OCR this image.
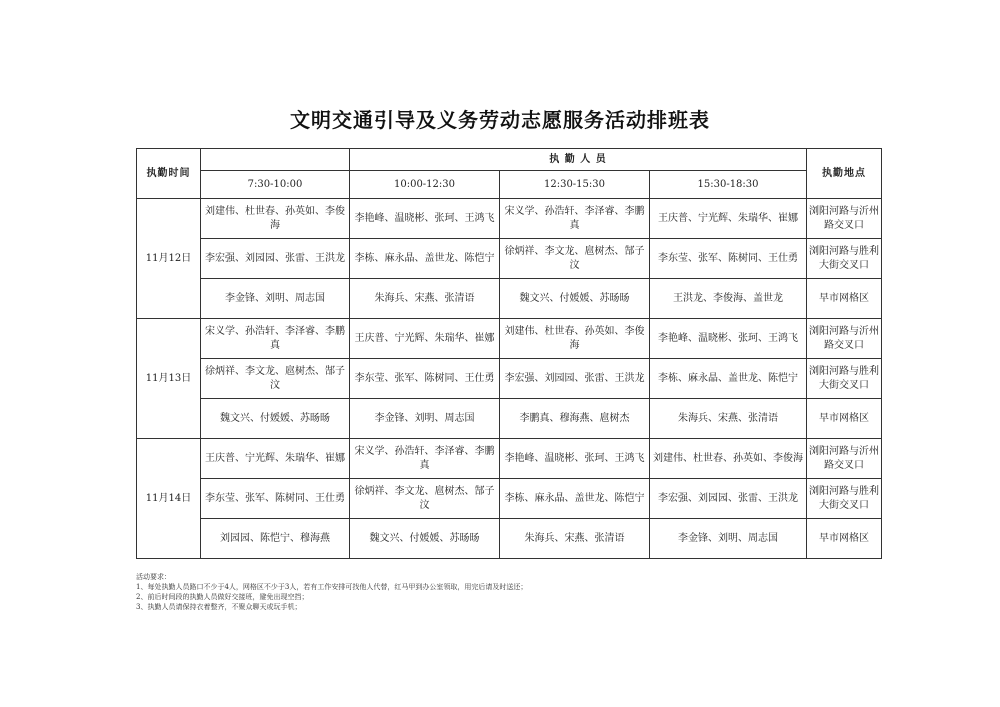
文明交通引导及义务劳动志愿服务活动排班表
执勤时间		执 勤 人 员			执勤地点
	7:30-10:00	10:00-12:30	12:30-15:30	15:30-18:30	
11月12日	刘建伟、杜世春、孙英如、李俊海	李艳峰、温晓彬、张珂、王鸿飞	宋义学、孙浩轩、李泽睿、李鹏真	王庆普、宁光辉、朱瑞华、崔娜	浏阳河路与沂州路交叉口
	李宏强、刘园园、张雷、王洪龙	李栋、麻永晶、盖世龙、陈恺宁	徐炳祥、李文龙、扈树杰、郜子汶	李东莹、张军、陈树同、王仕勇	浏阳河路与胜利大街交叉口
	李金锋、刘明、周志国	朱海兵、宋燕、张清语	魏文兴、付媛媛、苏旸旸	王洪龙、李俊海、盖世龙	早市网格区
11月13日	宋义学、孙浩轩、李泽睿、李鹏真	王庆普、宁光辉、朱瑞华、崔娜	刘建伟、杜世春、孙英如、李俊海	李艳峰、温晓彬、张珂、王鸿飞	浏阳河路与沂州路交叉口
	徐炳祥、李文龙、扈树杰、郜子汶	李东莹、张军、陈树同、王仕勇	李宏强、刘园园、张雷、王洪龙	李栋、麻永晶、盖世龙、陈恺宁	浏阳河路与胜利大街交叉口
	魏文兴、付媛媛、苏旸旸	李金锋、刘明、周志国	李鹏真、穆海燕、扈树杰	朱海兵、宋燕、张清语	早市网格区
11月14日	王庆普、宁光辉、朱瑞华、崔娜	宋义学、孙浩轩、李泽睿、李鹏真	李艳峰、温晓彬、张珂、王鸿飞	刘建伟、杜世春、孙英如、李俊海	浏阳河路与沂州路交叉口
	李东莹、张军、陈树同、王仕勇	徐炳祥、李文龙、扈树杰、郜子汶	李栋、麻永晶、盖世龙、陈恺宁	李宏强、刘园园、张雷、王洪龙	浏阳河路与胜利大街交叉口
	刘园园、陈恺宁、穆海燕	魏文兴、付媛媛、苏旸旸	朱海兵、宋燕、张清语	李金锋、刘明、周志国	早市网格区
活动要求：
1、每处执勤人员路口不少于4人，网格区不少于3人，若有工作安排可找他人代替，红马甲到办公室领取，用完后请及时送还；
2、前后时间段的执勤人员做好交接班，避免出现空挡；
3、执勤人员请保持衣着整齐，不聚众聊天或玩手机；
